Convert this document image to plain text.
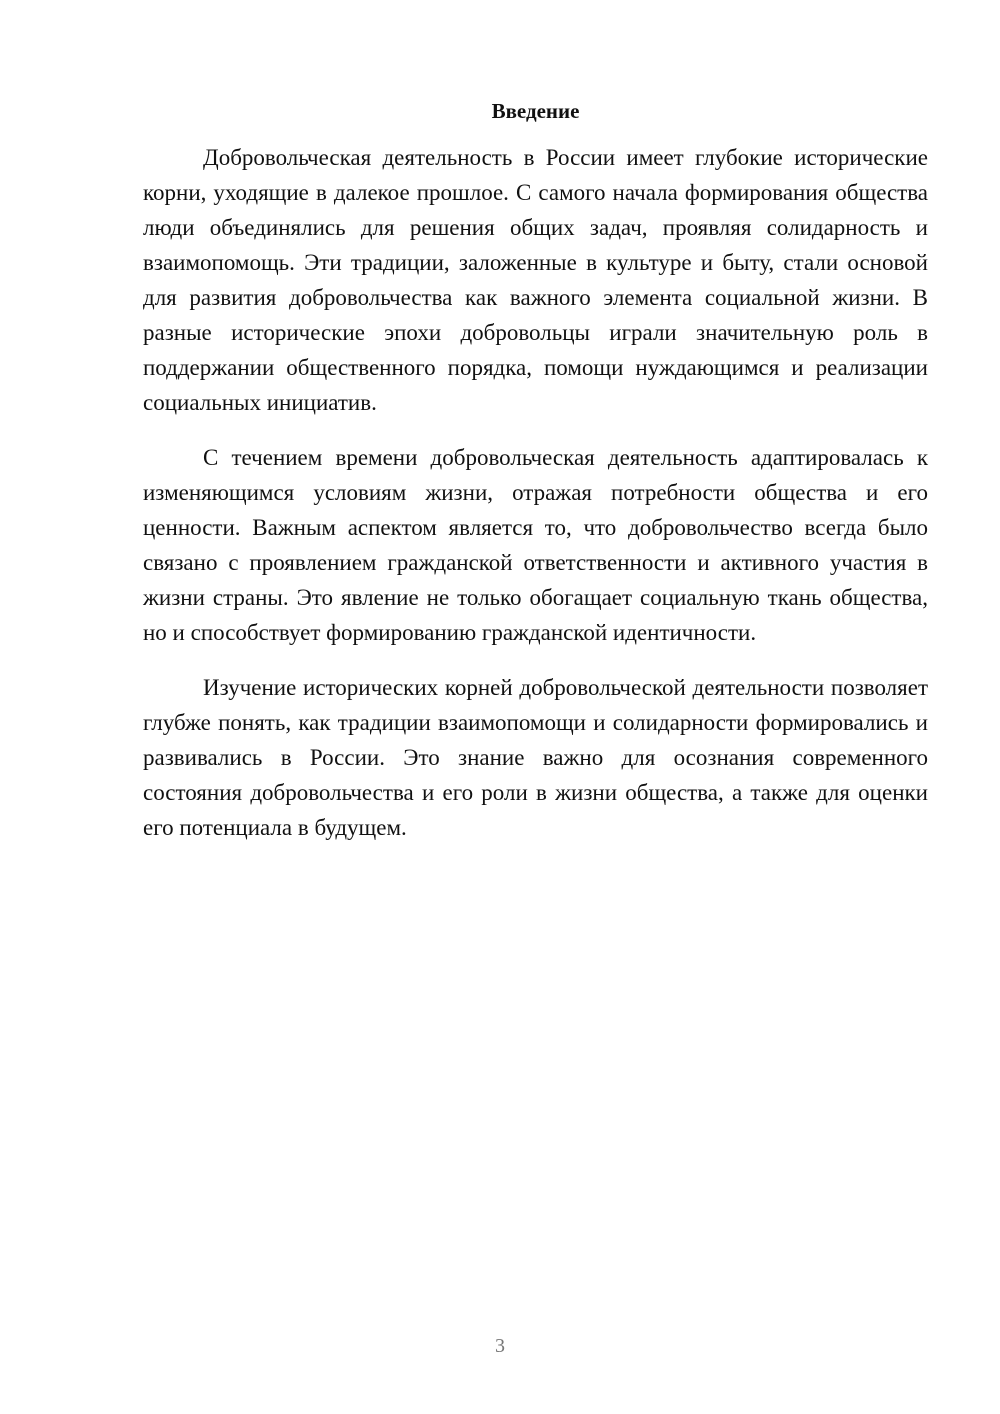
Введение

Добровольческая деятельность в России имеет глубокие исторические корни, уходящие в далекое прошлое. С самого начала формирования общества люди объединялись для решения общих задач, проявляя солидарность и взаимопомощь. Эти традиции, заложенные в культуре и быту, стали основой для развития добровольчества как важного элемента социальной жизни. В разные исторические эпохи добровольцы играли значительную роль в поддержании общественного порядка, помощи нуждающимся и реализации социальных инициатив.

С течением времени добровольческая деятельность адаптировалась к изменяющимся условиям жизни, отражая потребности общества и его ценности. Важным аспектом является то, что добровольчество всегда было связано с проявлением гражданской ответственности и активного участия в жизни страны. Это явление не только обогащает социальную ткань общества, но и способствует формированию гражданской идентичности.

Изучение исторических корней добровольческой деятельности позволяет глубже понять, как традиции взаимопомощи и солидарности формировались и развивались в России. Это знание важно для осознания современного состояния добровольчества и его роли в жизни общества, а также для оценки его потенциала в будущем.

3
